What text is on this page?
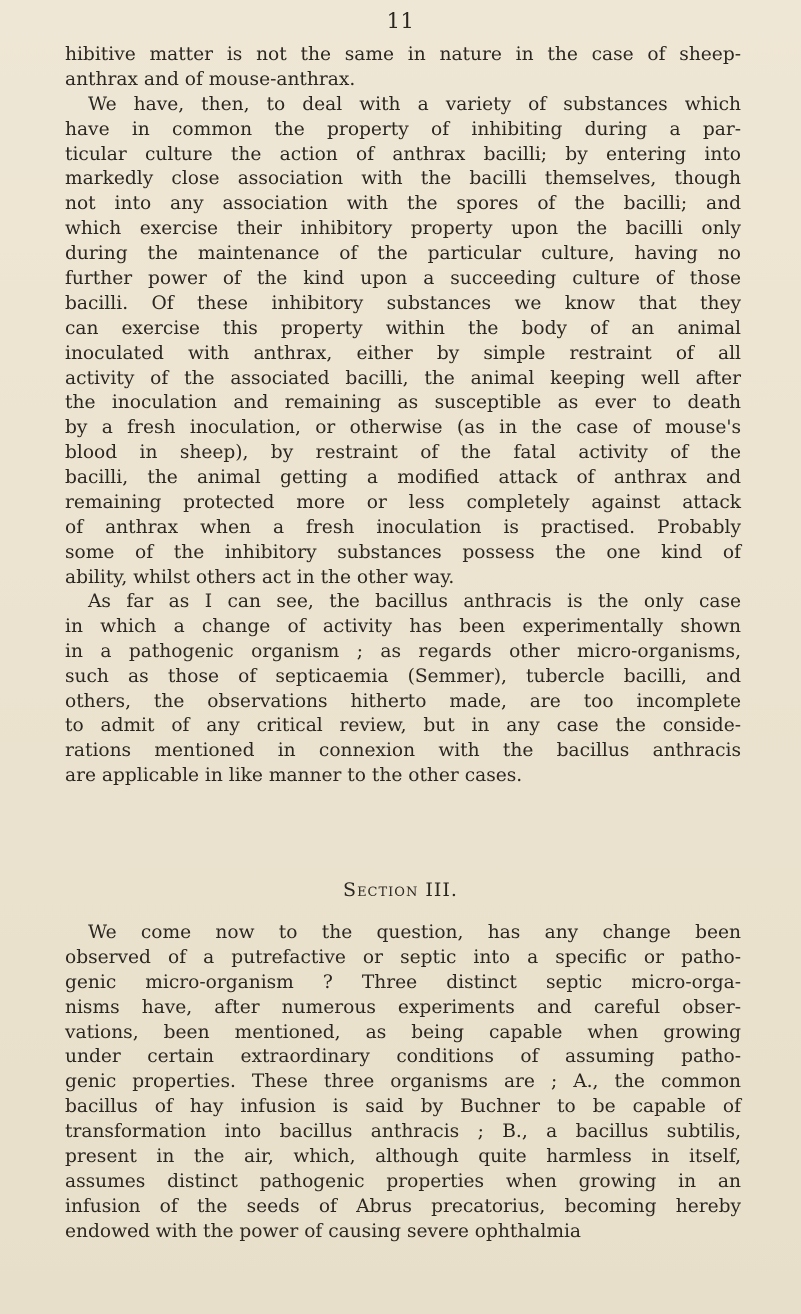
11
hibitive matter is not the same in nature in the case of sheep-
anthrax and of mouse-anthrax.
We have, then, to deal with a variety of substances which
have in common the property of inhibiting during a par-
ticular culture the action of anthrax bacilli; by entering into
markedly close association with the bacilli themselves, though
not into any association with the spores of the bacilli; and
which exercise their inhibitory property upon the bacilli only
during the maintenance of the particular culture, having no
further power of the kind upon a succeeding culture of those
bacilli. Of these inhibitory substances we know that they
can exercise this property within the body of an animal
inoculated with anthrax, either by simple restraint of all
activity of the associated bacilli, the animal keeping well after
the inoculation and remaining as susceptible as ever to death
by a fresh inoculation, or otherwise (as in the case of mouse's
blood in sheep), by restraint of the fatal activity of the
bacilli, the animal getting a modified attack of anthrax and
remaining protected more or less completely against attack
of anthrax when a fresh inoculation is practised. Probably
some of the inhibitory substances possess the one kind of
ability, whilst others act in the other way.
As far as I can see, the bacillus anthracis is the only case
in which a change of activity has been experimentally shown
in a pathogenic organism ; as regards other micro-organisms,
such as those of septicaemia (Semmer), tubercle bacilli, and
others, the observations hitherto made, are too incomplete
to admit of any critical review, but in any case the conside-
rations mentioned in connexion with the bacillus anthracis
are applicable in like manner to the other cases.
Section III.
We come now to the question, has any change been
observed of a putrefactive or septic into a specific or patho-
genic micro-organism ? Three distinct septic micro-orga-
nisms have, after numerous experiments and careful obser-
vations, been mentioned, as being capable when growing
under certain extraordinary conditions of assuming patho-
genic properties. These three organisms are ; A., the common
bacillus of hay infusion is said by Buchner to be capable of
transformation into bacillus anthracis ; B., a bacillus subtilis,
present in the air, which, although quite harmless in itself,
assumes distinct pathogenic properties when growing in an
infusion of the seeds of Abrus precatorius, becoming hereby
endowed with the power of causing severe ophthalmia
